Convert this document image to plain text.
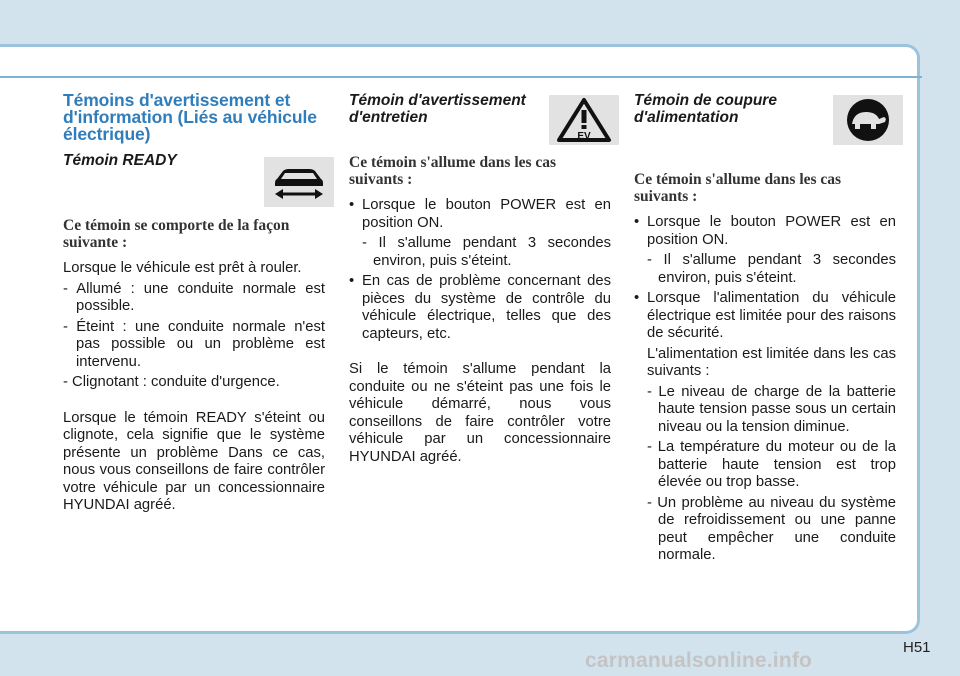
Témoins d'avertissement et d'information (Liés au véhicule électrique)
Témoin READY
Ce témoin se comporte de la façon suivante :
Lorsque le véhicule est prêt à rouler.
- Allumé : une conduite normale est possible.
- Éteint : une conduite normale n'est pas possible ou un problème est intervenu.
- Clignotant : conduite d'urgence.
Lorsque le témoin READY s'éteint ou clignote, cela signifie que le système présente un problème Dans ce cas, nous vous conseillons de faire contrôler votre véhicule par un concessionnaire HYUNDAI agréé.
Témoin d'avertissement d'entretien
Ce témoin s'allume dans les cas suivants :
• Lorsque le bouton POWER est en position ON.
- Il s'allume pendant 3 secondes environ, puis s'éteint.
• En cas de problème concernant des pièces du système de contrôle du véhicule électrique, telles que des capteurs, etc.
Si le témoin s'allume pendant la conduite ou ne s'éteint pas une fois le véhicule démarré, nous vous conseillons de faire contrôler votre véhicule par un concessionnaire HYUNDAI agréé.
EV
Témoin de coupure d'alimentation
Ce témoin s'allume dans les cas suivants :
• Lorsque le bouton POWER est en position ON.
- Il s'allume pendant 3 secondes environ, puis s'éteint.
• Lorsque l'alimentation du véhicule électrique est limitée pour des raisons de sécurité.
L'alimentation est limitée dans les cas suivants :
- Le niveau de charge de la batterie haute tension passe sous un certain niveau ou la tension diminue.
- La température du moteur ou de la batterie haute tension est trop élevée ou trop basse.
- Un problème au niveau du système de refroidissement ou une panne peut empêcher une conduite normale.
H51
carmanualsonline.info
